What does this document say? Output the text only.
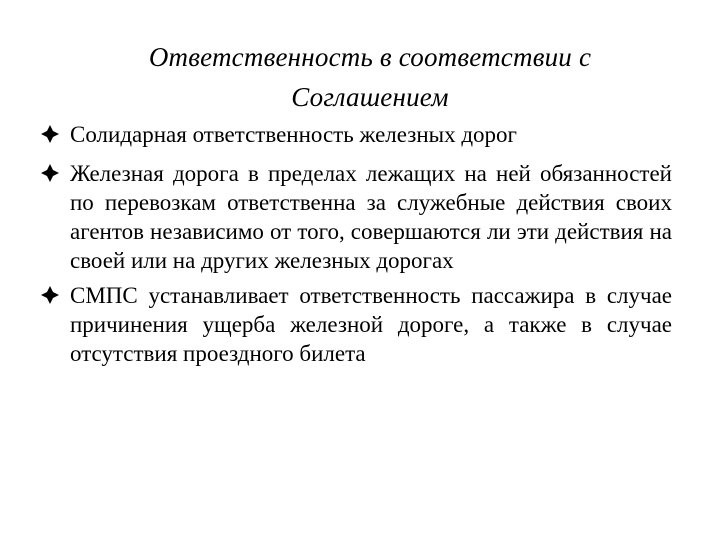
Ответственность в соответствии с
Соглашением
Солидарная ответственность железных дорог
Железная дорога в пределах лежащих на ней обязанностей по перевозкам ответственна за служебные действия своих агентов независимо от того, совершаются ли эти действия на своей или на других железных дорогах
СМПС устанавливает ответственность пассажира в случае причинения ущерба железной дороге, а также в случае отсутствия проездного билета
